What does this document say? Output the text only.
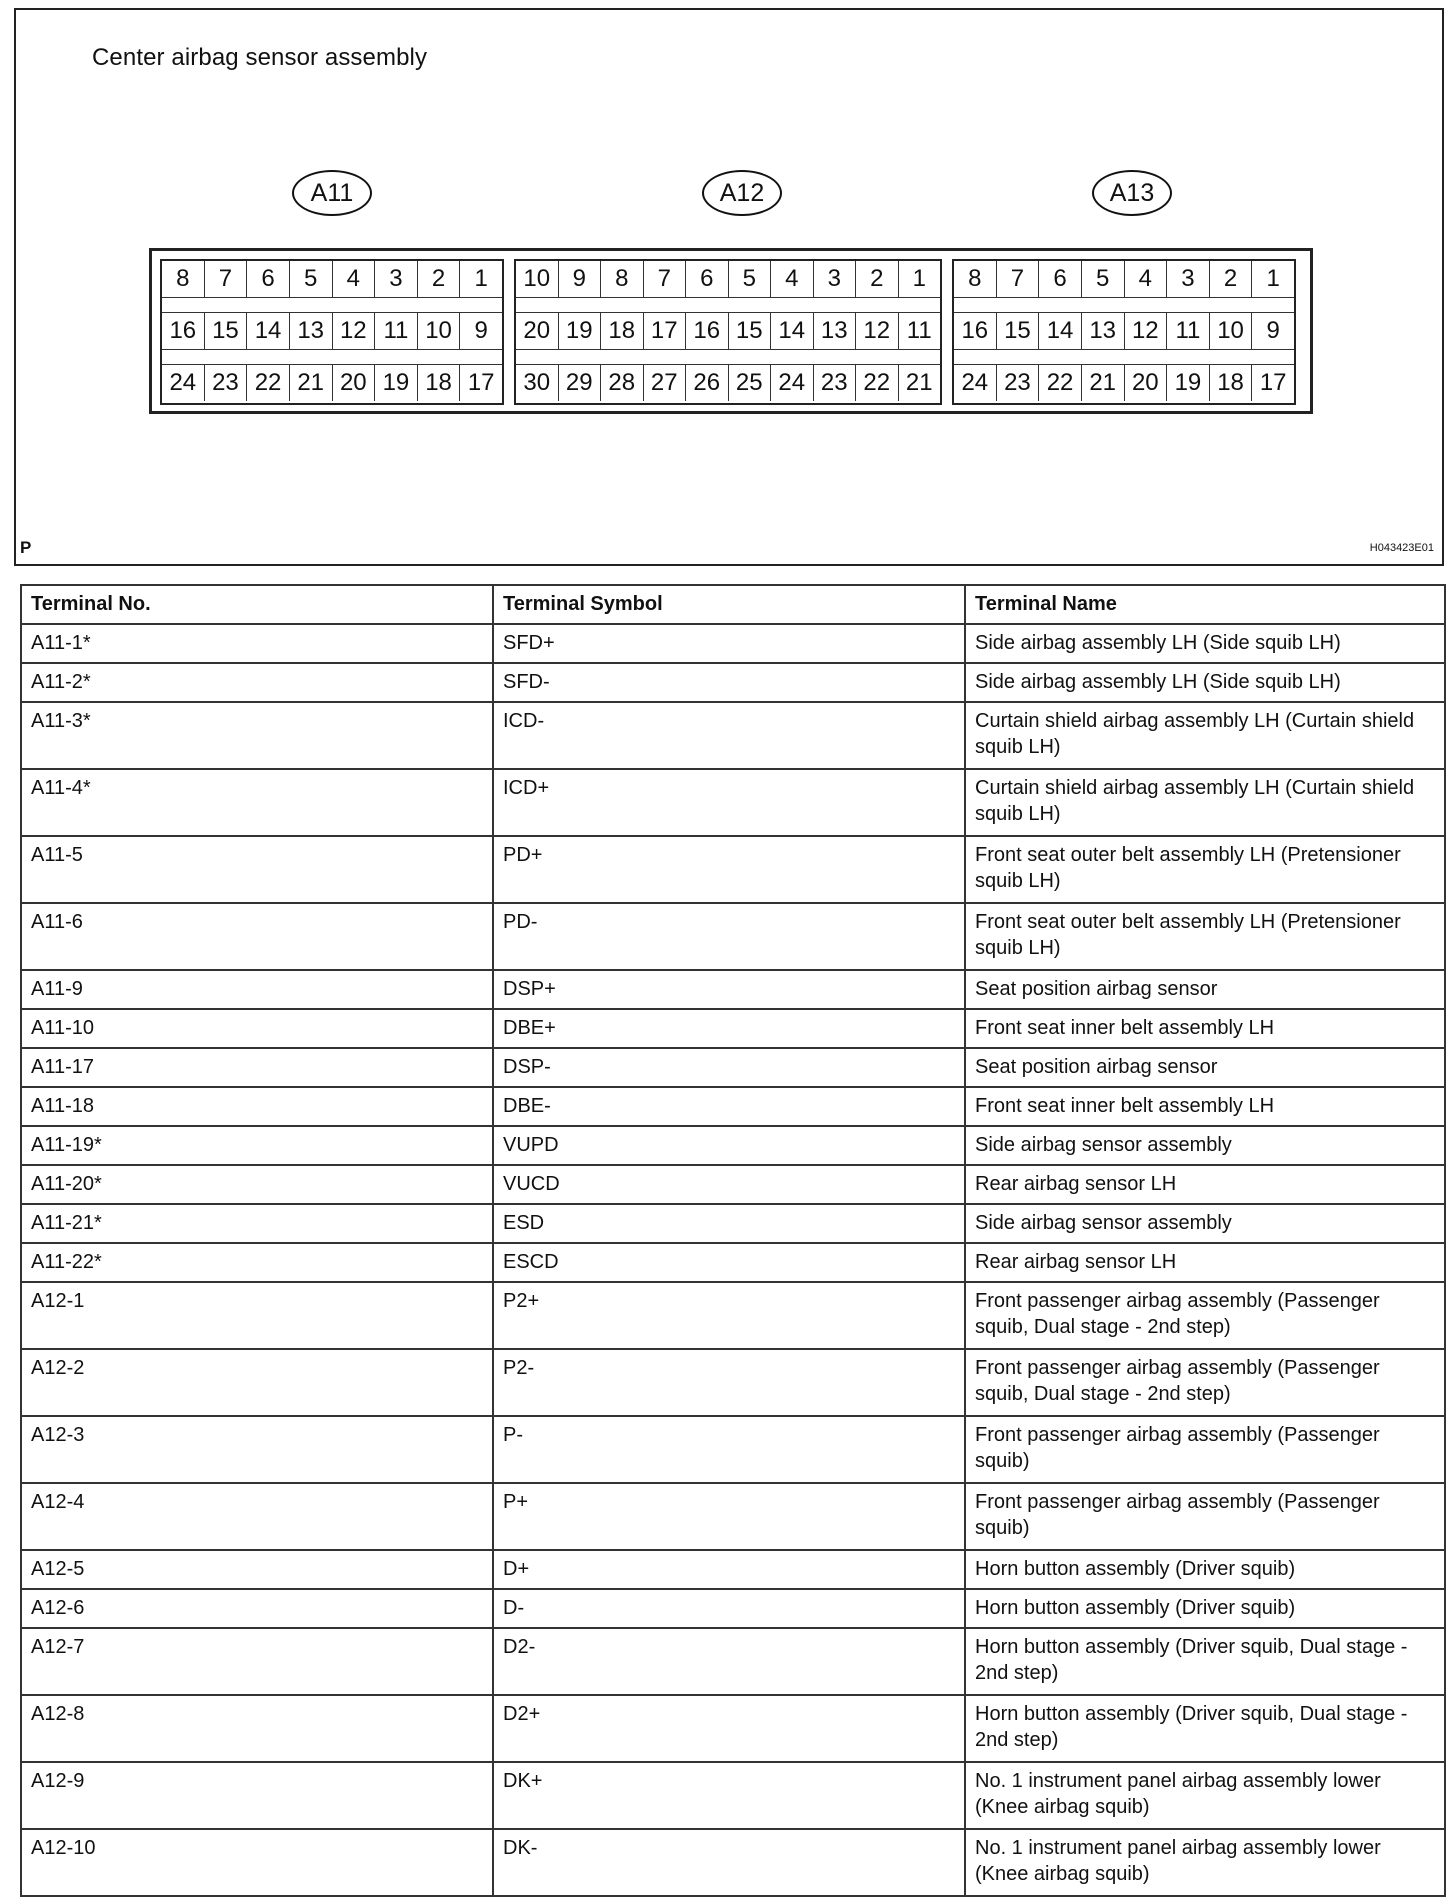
Center airbag sensor assembly
A11	A12	A13
8	7	6	5	4	3	2	1
16 15 14 13 12 11 10 9
24 23 22 21 20 19 18 17
10 9	8	7	6	5	4	3	2	1
20 19 18 17 16 15 14 13 12 11
30 29 28 27 26 25 24 23 22 21
8	7	6	5	4	3	2	1
16 15 14 13 12 11 10 9
24 23 22 21 20 19 18 17
P	H043423E01
Terminal No.	Terminal Symbol	Terminal Name
A11-1*	SFD+	Side airbag assembly LH (Side squib LH)
A11-2*	SFD-	Side airbag assembly LH (Side squib LH)
A11-3*	ICD-	Curtain shield airbag assembly LH (Curtain shield squib LH)
A11-4*	ICD+	Curtain shield airbag assembly LH (Curtain shield squib LH)
A11-5	PD+	Front seat outer belt assembly LH (Pretensioner squib LH)
A11-6	PD-	Front seat outer belt assembly LH (Pretensioner squib LH)
A11-9	DSP+	Seat position airbag sensor
A11-10	DBE+	Front seat inner belt assembly LH
A11-17	DSP-	Seat position airbag sensor
A11-18	DBE-	Front seat inner belt assembly LH
A11-19*	VUPD	Side airbag sensor assembly
A11-20*	VUCD	Rear airbag sensor LH
A11-21*	ESD	Side airbag sensor assembly
A11-22*	ESCD	Rear airbag sensor LH
A12-1	P2+	Front passenger airbag assembly (Passenger squib, Dual stage - 2nd step)
A12-2	P2-	Front passenger airbag assembly (Passenger squib, Dual stage - 2nd step)
A12-3	P-	Front passenger airbag assembly (Passenger squib)
A12-4	P+	Front passenger airbag assembly (Passenger squib)
A12-5	D+	Horn button assembly (Driver squib)
A12-6	D-	Horn button assembly (Driver squib)
A12-7	D2-	Horn button assembly (Driver squib, Dual stage - 2nd step)
A12-8	D2+	Horn button assembly (Driver squib, Dual stage - 2nd step)
A12-9	DK+	No. 1 instrument panel airbag assembly lower (Knee airbag squib)
A12-10	DK-	No. 1 instrument panel airbag assembly lower (Knee airbag squib)
